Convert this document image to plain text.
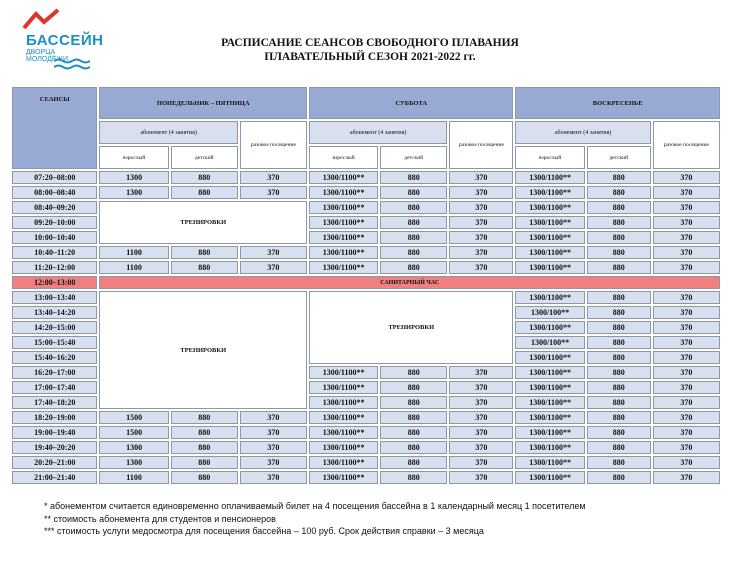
БАССЕЙН
ДВОРЦА МОЛОДЁЖИ
РАСПИСАНИЕ СЕАНСОВ СВОБОДНОГО ПЛАВАНИЯ
ПЛАВАТЕЛЬНЫЙ СЕЗОН 2021-2022 гг.
СЕАНСЫ	ПОНЕДЕЛЬНИК – ПЯТНИЦА			СУББОТА			ВОСКРЕСЕНЬЕ		
	абонемент (4 занятия)		разовое посещение	абонемент (4 занятия)		разовое посещение	абонемент (4 занятия)		разовое посещение
	взрослый	детский		взрослый	детский		взрослый	детский	
07:20–08:00	1300	880	370	1300/1100**	880	370	1300/1100**	880	370
08:00–08:40	1300	880	370	1300/1100**	880	370	1300/1100**	880	370
08:40–09:20	ТРЕНИРОВКИ			1300/1100**	880	370	1300/1100**	880	370
09:20–10:00				1300/1100**	880	370	1300/1100**	880	370
10:00–10:40				1300/1100**	880	370	1300/1100**	880	370
10:40–11:20	1100	880	370	1300/1100**	880	370	1300/1100**	880	370
11:20–12:00	1100	880	370	1300/1100**	880	370	1300/1100**	880	370
12:00–13:00	САНИТАРНЫЙ ЧАС								
13:00–13:40	ТРЕНИРОВКИ			ТРЕНИРОВКИ			1300/1100**	880	370
13:40–14:20							1300/100**	880	370
14:20–15:00							1300/1100**	880	370
15:00–15:40							1300/100**	880	370
15:40–16:20							1300/1100**	880	370
16:20–17:00				1300/1100**	880	370	1300/1100**	880	370
17:00–17:40				1300/1100**	880	370	1300/1100**	880	370
17:40–18:20				1300/1100**	880	370	1300/1100**	880	370
18:20–19:00	1500	880	370	1300/1100**	880	370	1300/1100**	880	370
19:00–19:40	1500	880	370	1300/1100**	880	370	1300/1100**	880	370
19:40–20:20	1300	880	370	1300/1100**	880	370	1300/1100**	880	370
20:20–21:00	1300	880	370	1300/1100**	880	370	1300/1100**	880	370
21:00–21:40	1100	880	370	1300/1100**	880	370	1300/1100**	880	370
* абонементом считается единовременно оплачиваемый билет на 4 посещения бассейна в 1 календарный месяц 1 посетителем
** стоимость абонемента для студентов и пенсионеров
*** стоимость услуги медосмотра для посещения бассейна – 100 руб. Срок действия справки – 3 месяца
